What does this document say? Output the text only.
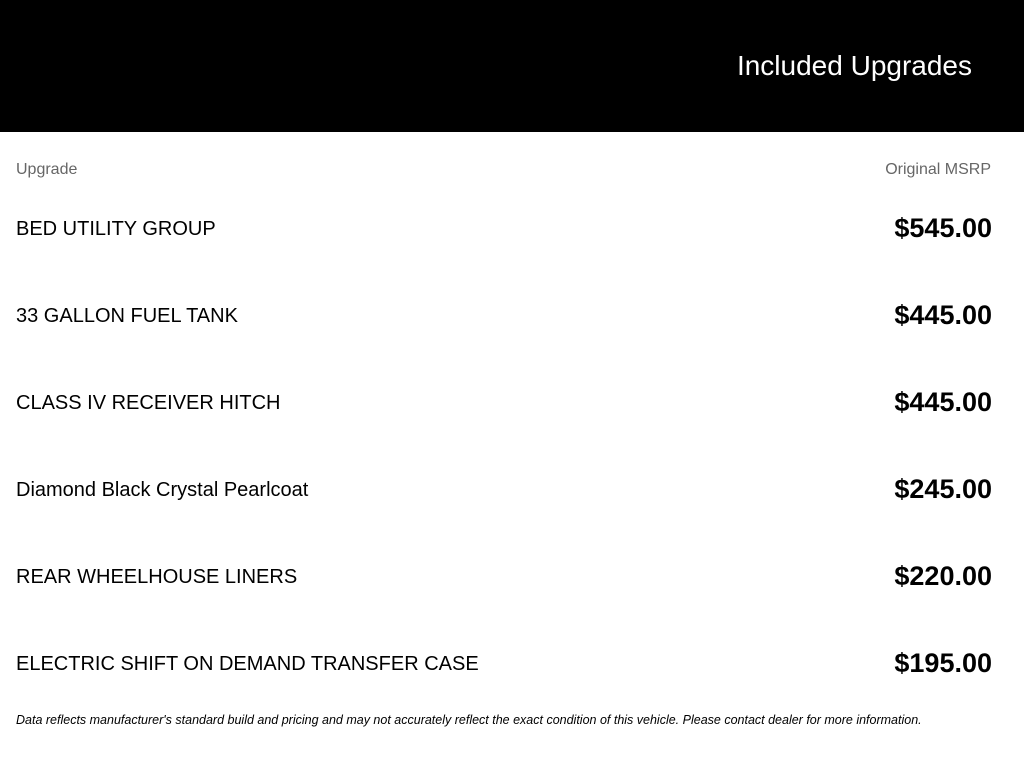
Included Upgrades
Upgrade	Original MSRP
BED UTILITY GROUP	$545.00
33 GALLON FUEL TANK	$445.00
CLASS IV RECEIVER HITCH	$445.00
Diamond Black Crystal Pearlcoat	$245.00
REAR WHEELHOUSE LINERS	$220.00
ELECTRIC SHIFT ON DEMAND TRANSFER CASE	$195.00
Data reflects manufacturer's standard build and pricing and may not accurately reflect the exact condition of this vehicle. Please contact dealer for more information.
